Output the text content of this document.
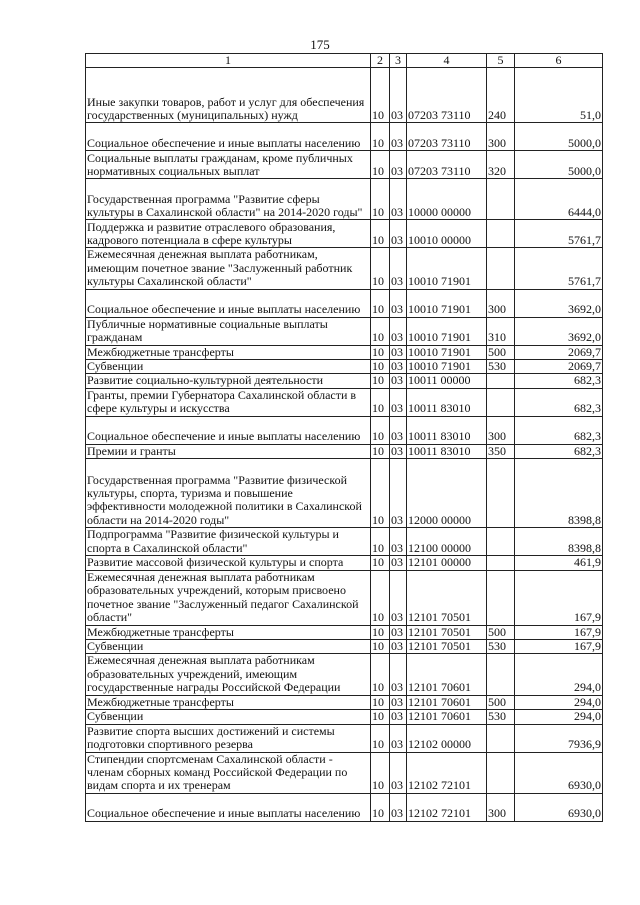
175
1	2	3	4	5	6
Иные закупки товаров, работ и услуг для обеспечения государственных (муниципальных) нужд	10	03	07203 73110	240	51,0
Социальное обеспечение и иные выплаты населению	10	03	07203 73110	300	5000,0
Социальные выплаты гражданам, кроме публичных нормативных социальных выплат	10	03	07203 73110	320	5000,0
Государственная программа "Развитие сферы культуры в Сахалинской области" на 2014-2020 годы"	10	03	10000 00000		6444,0
Поддержка и развитие отраслевого образования, кадрового потенциала в сфере культуры	10	03	10010 00000		5761,7
Ежемесячная денежная выплата работникам, имеющим почетное звание "Заслуженный работник культуры Сахалинской области"	10	03	10010 71901		5761,7
Социальное обеспечение и иные выплаты населению	10	03	10010 71901	300	3692,0
Публичные нормативные социальные выплаты гражданам	10	03	10010 71901	310	3692,0
Межбюджетные трансферты	10	03	10010 71901	500	2069,7
Субвенции	10	03	10010 71901	530	2069,7
Развитие социально-культурной деятельности	10	03	10011 00000		682,3
Гранты, премии Губернатора Сахалинской области в сфере культуры и искусства	10	03	10011 83010		682,3
Социальное обеспечение и иные выплаты населению	10	03	10011 83010	300	682,3
Премии и гранты	10	03	10011 83010	350	682,3
Государственная программа "Развитие физической культуры, спорта, туризма и повышение эффективности молодежной политики в Сахалинской области на 2014-2020 годы"	10	03	12000 00000		8398,8
Подпрограмма "Развитие физической культуры и спорта в Сахалинской области"	10	03	12100 00000		8398,8
Развитие массовой физической культуры и спорта	10	03	12101 00000		461,9
Ежемесячная денежная выплата работникам образовательных учреждений, которым присвоено почетное звание "Заслуженный педагог Сахалинской области"	10	03	12101 70501		167,9
Межбюджетные трансферты	10	03	12101 70501	500	167,9
Субвенции	10	03	12101 70501	530	167,9
Ежемесячная денежная выплата работникам образовательных учреждений, имеющим государственные награды Российской Федерации	10	03	12101 70601		294,0
Межбюджетные трансферты	10	03	12101 70601	500	294,0
Субвенции	10	03	12101 70601	530	294,0
Развитие спорта высших достижений и системы подготовки спортивного резерва	10	03	12102 00000		7936,9
Стипендии спортсменам Сахалинской области - членам сборных команд Российской Федерации по видам спорта и их тренерам	10	03	12102 72101		6930,0
Социальное обеспечение и иные выплаты населению	10	03	12102 72101	300	6930,0
